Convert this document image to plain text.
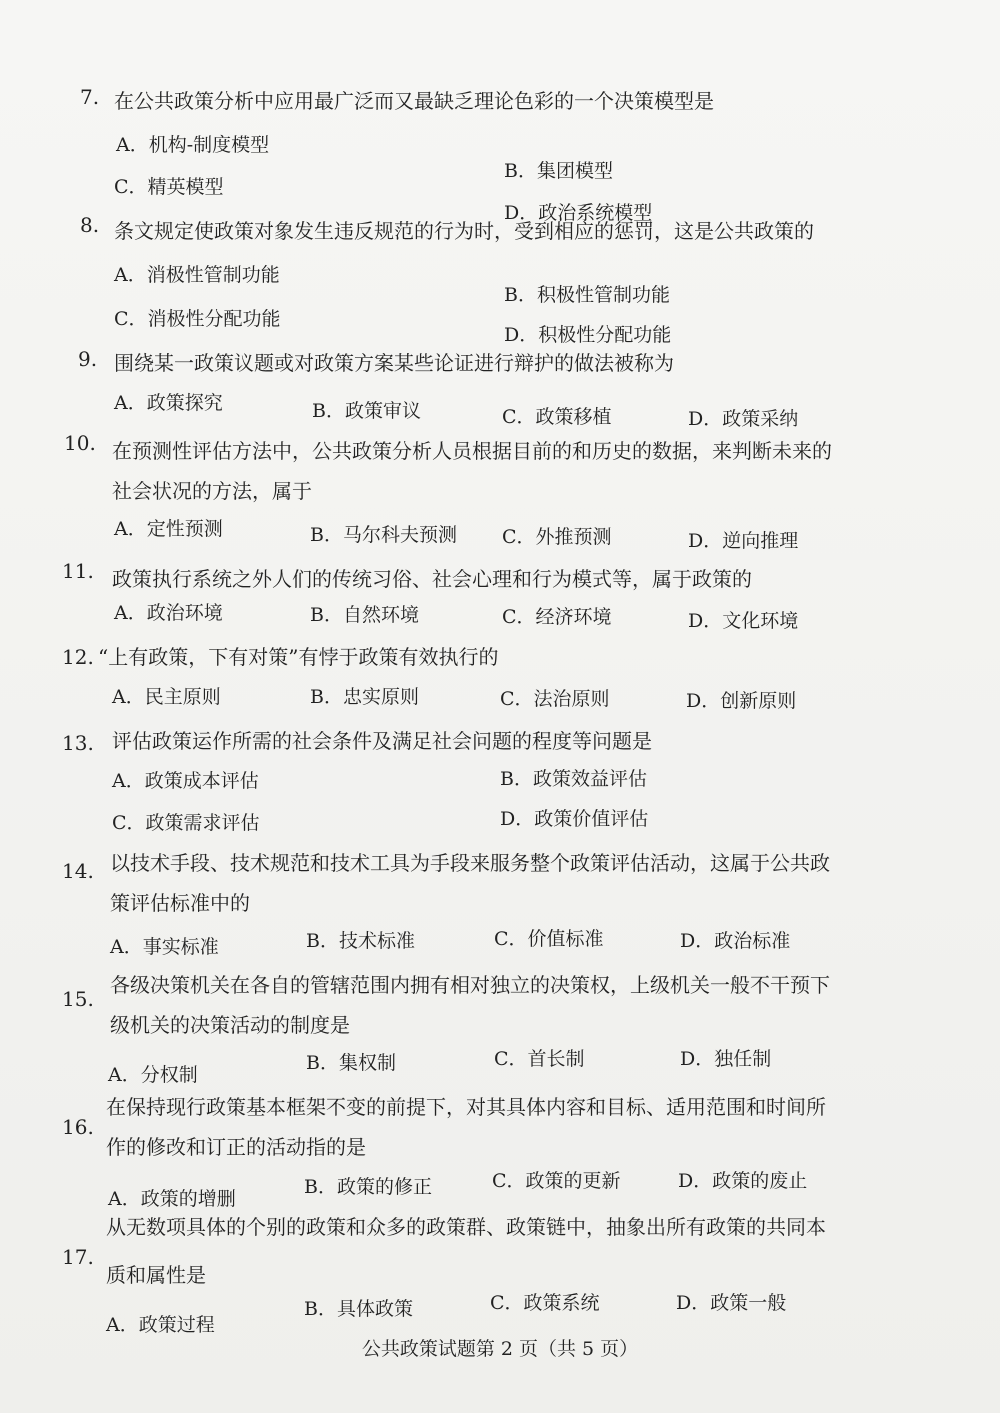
7. 在公共政策分析中应用最广泛而又最缺乏理论色彩的一个决策模型是
A．机构-制度模型
B．集团模型
C．精英模型
D．政治系统模型
8. 条文规定使政策对象发生违反规范的行为时，受到相应的惩罚，这是公共政策的
A．消极性管制功能
B．积极性管制功能
C．消极性分配功能
D．积极性分配功能
9. 围绕某一政策议题或对政策方案某些论证进行辩护的做法被称为
A．政策探究	B．政策审议	C．政策移植	D．政策采纳
10. 在预测性评估方法中，公共政策分析人员根据目前的和历史的数据，来判断未来的
社会状况的方法，属于
A．定性预测	B．马尔科夫预测 C．外推预测	D．逆向推理
11. 政策执行系统之外人们的传统习俗、社会心理和行为模式等，属于政策的
A．政治环境	B．自然环境	C．经济环境	D．文化环境
12. “上有政策，下有对策”有悖于政策有效执行的
A．民主原则	B．忠实原则	C．法治原则	D．创新原则
13. 评估政策运作所需的社会条件及满足社会问题的程度等问题是
A．政策成本评估	B．政策效益评估
C．政策需求评估	D．政策价值评估
14. 以技术手段、技术规范和技术工具为手段来服务整个政策评估活动，这属于公共政
策评估标准中的
A．事实标准	B．技术标准	C．价值标准	D．政治标准
15.
各级决策机关在各自的管辖范围内拥有相对独立的决策权，上级机关一般不干预下
级机关的决策活动的制度是
A．分权制
B．集权制	C．首长制	D．独任制
16.
在保持现行政策基本框架不变的前提下，对其具体内容和目标、适用范围和时间所
作的修改和订正的活动指的是
A．政策的增删
B．政策的修正	C．政策的更新	D．政策的废止
17.
从无数项具体的个别的政策和众多的政策群、政策链中，抽象出所有政策的共同本
质和属性是
A．政策过程
B．具体政策	C．政策系统	D．政策一般
公共政策试题第 2 页（共 5 页）
